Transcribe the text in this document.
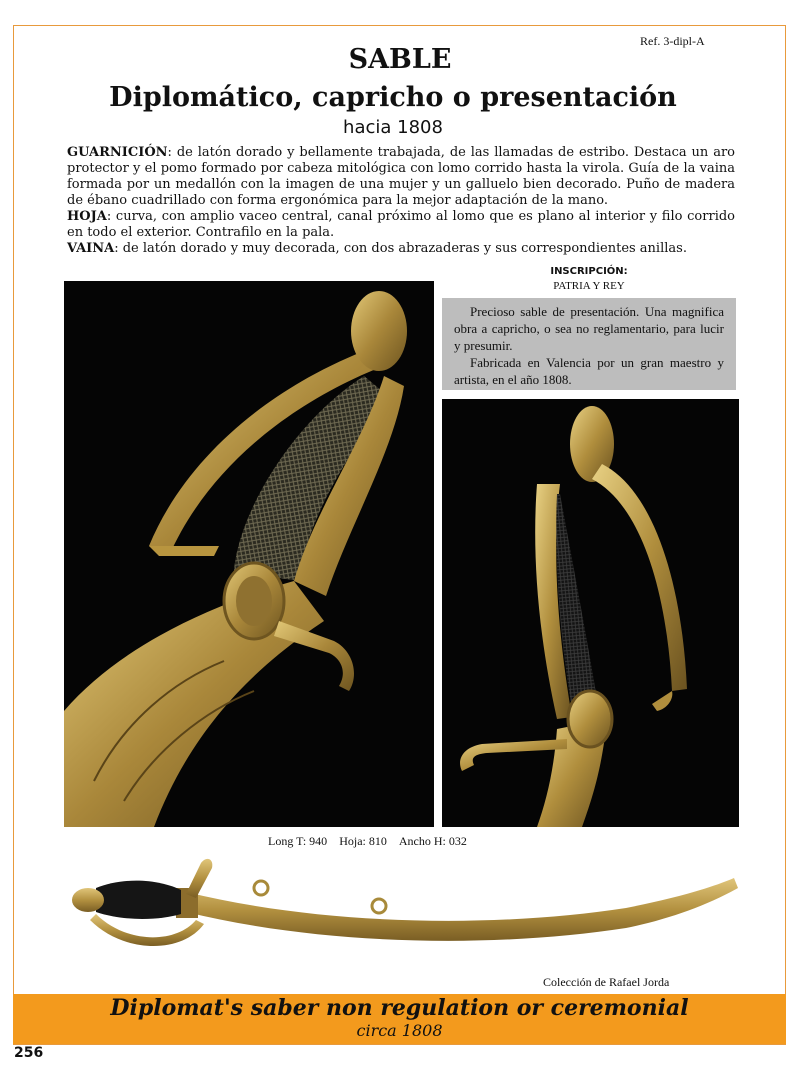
Ref. 3-dipl-A
SABLE
Diplomático, capricho o presentación
hacia 1808

GUARNICIÓN: de latón dorado y bellamente trabajada, de las llamadas de estribo. Destaca un aro protector y el pomo formado por cabeza mitológica con lomo corrido hasta la virola. Guía de la vaina formada por un medallón con la imagen de una mujer y un galluelo bien decorado. Puño de madera de ébano cuadrillado con forma ergonómica para la mejor adaptación de la mano.

HOJA: curva, con amplio vaceo central, canal próximo al lomo que es plano al interior y filo corrido en todo el exterior. Contrafilo en la pala.

VAINA: de latón dorado y muy decorada, con dos abrazaderas y sus correspondientes anillas.

INSCRIPCIÓN:
PATRIA Y REY

Precioso sable de presentación. Una magnifica obra a capricho, o sea no reglamentario, para lucir y presumir.

Fabricada en Valencia por un gran maestro y artista, en el año 1808.

Long T: 940 Hoja: 810 Ancho H: 032
Colección de Rafael Jorda
Diplomat's saber non regulation or ceremonial
circa 1808
256
